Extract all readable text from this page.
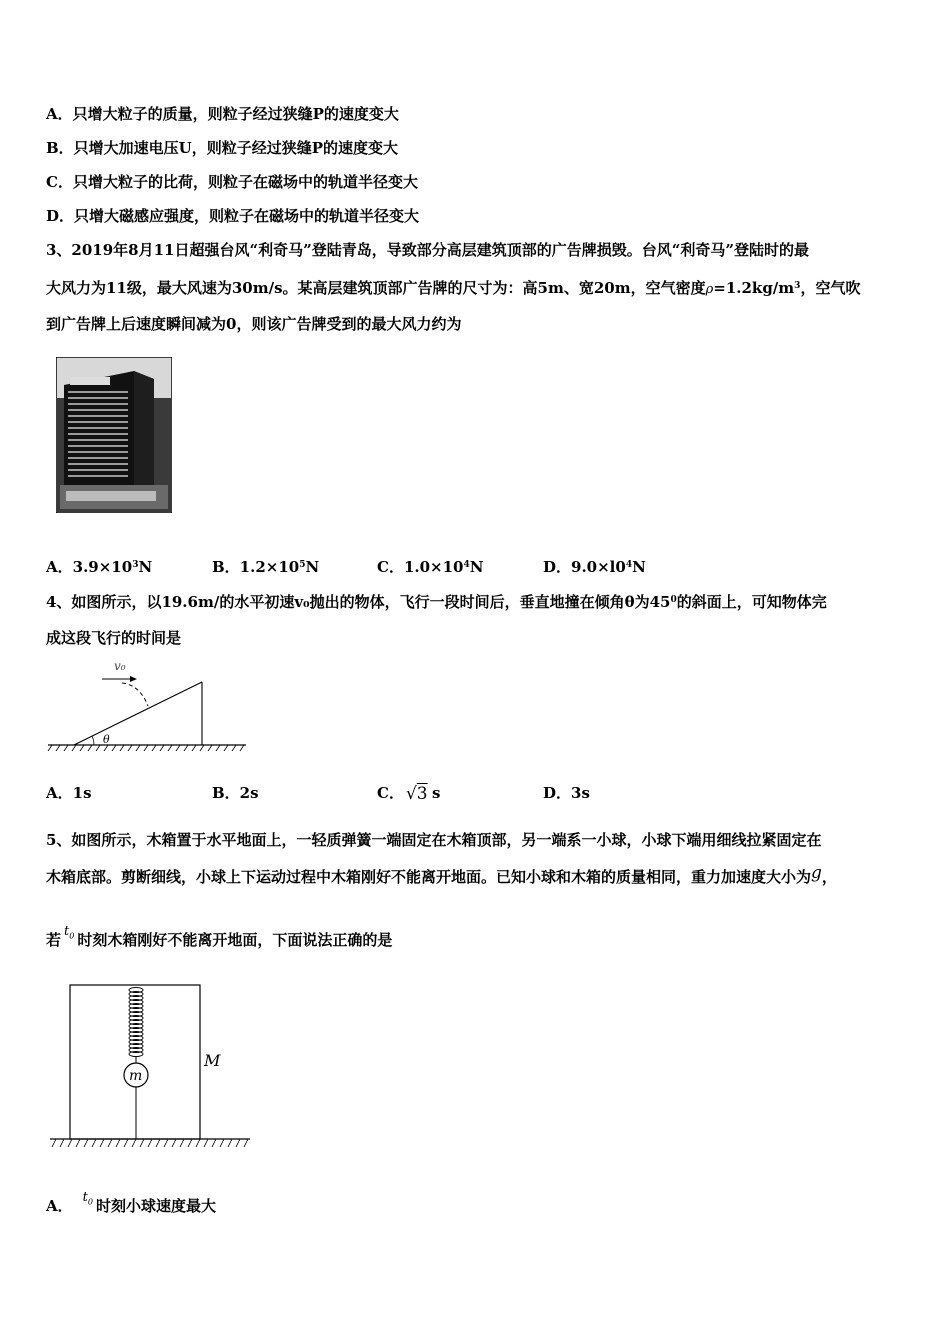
A．只增大粒子的质量，则粒子经过狭缝P的速度变大
B．只增大加速电压U，则粒子经过狭缝P的速度变大
C．只增大粒子的比荷，则粒子在磁场中的轨道半径变大
D．只增大磁感应强度，则粒子在磁场中的轨道半径变大
3、2019年8月11日超强台风“利奇马”登陆青岛，导致部分高层建筑顶部的广告牌损毁。台风“利奇马”登陆时的最
大风力为11级，最大风速为30m/s。某高层建筑顶部广告牌的尺寸为：高5m、宽20m，空气密度$\rho=1.2kg/m^3$，空气吹
到广告牌上后速度瞬间减为0，则该广告牌受到的最大风力约为
A．$3.9\times 10^3N$	B．$1.2\times 10^5N$	C．$1.0\times 10^4N$	D．$9.0\times l0^4N$
4、如图所示，以19.6m/的水平初速v₀抛出的物体，飞行一段时间后，垂直地撞在倾角θ为$45^0$的斜面上，可知物体完
成这段飞行的时间是
v₀
θ
A．1s	B．2s	C． √3 s	D．3s
5、如图所示，木箱置于水平地面上，一轻质弹簧一端固定在木箱顶部，另一端系一小球，小球下端用细线拉紧固定在
木箱底部。剪断细线，小球上下运动过程中木箱刚好不能离开地面。已知小球和木箱的质量相同，重力加速度大小为g，
若 $t_0$ 时刻木箱刚好不能离开地面，下面说法正确的是
m
M
A． $t_0$ 时刻小球速度最大
